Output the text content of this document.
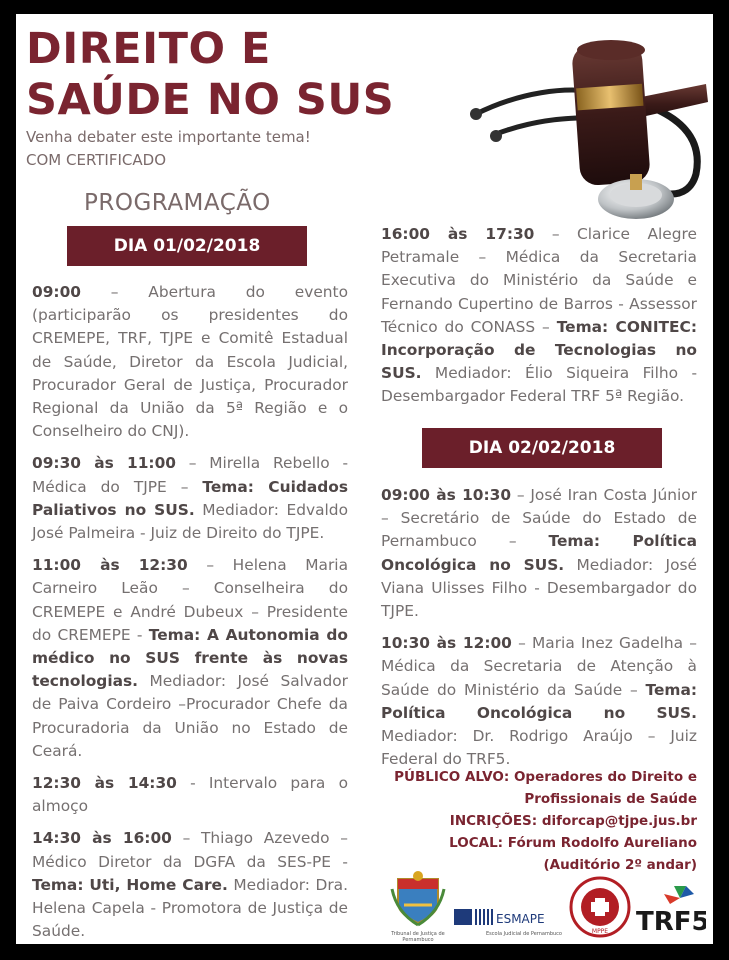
DIREITO E
SAÚDE NO SUS
Venha debater este importante tema!
COM CERTIFICADO
PROGRAMAÇÃO
DIA 01/02/2018

09:00 – Abertura do evento (participarão os presidentes do CREMEPE, TRF, TJPE e Comitê Estadual de Saúde, Diretor da Escola Judicial, Procurador Geral de Justiça, Procurador Regional da União da 5ª Região e o Conselheiro do CNJ).

09:30 às 11:00 – Mirella Rebello - Médica do TJPE – Tema: Cuidados Paliativos no SUS. Mediador: Edvaldo José Palmeira - Juiz de Direito do TJPE.

11:00 às 12:30 – Helena Maria Carneiro Leão – Conselheira do CREMEPE e André Dubeux – Presidente do CREMEPE - Tema: A Autonomia do médico no SUS frente às novas tecnologias. Mediador: José Salvador de Paiva Cordeiro –Procurador Chefe da Procuradoria da União no Estado de Ceará.

12:30 às 14:30 - Intervalo para o almoço

14:30 às 16:00 – Thiago Azevedo – Médico Diretor da DGFA da SES-PE - Tema: Uti, Home Care. Mediador: Dra. Helena Capela - Promotora de Justiça de Saúde.

16:00 às 17:30 – Clarice Alegre Petramale – Médica da Secretaria Executiva do Ministério da Saúde e Fernando Cupertino de Barros - Assessor Técnico do CONASS – Tema: CONITEC: Incorporação de Tecnologias no SUS. Mediador: Élio Siqueira Filho - Desembargador Federal TRF 5ª Região.

DIA 02/02/2018

09:00 às 10:30 – José Iran Costa Júnior – Secretário de Saúde do Estado de Pernambuco – Tema: Política Oncológica no SUS. Mediador: José Viana Ulisses Filho - Desembargador do TJPE.

10:30 às 12:00 – Maria Inez Gadelha – Médica da Secretaria de Atenção à Saúde do Ministério da Saúde – Tema: Política Oncológica no SUS. Mediador: Dr. Rodrigo Araújo – Juiz Federal do TRF5.

PÚBLICO ALVO: Operadores do Direito e
Profissionais de Saúde
INCRIÇÕES: diforcap@tjpe.jus.br
LOCAL: Fórum Rodolfo Aureliano
(Auditório 2º andar)
Tribunal de Justiça de Pernambuco
ESMAPE
Escola Judicial de Pernambuco	MPPE TRF5
